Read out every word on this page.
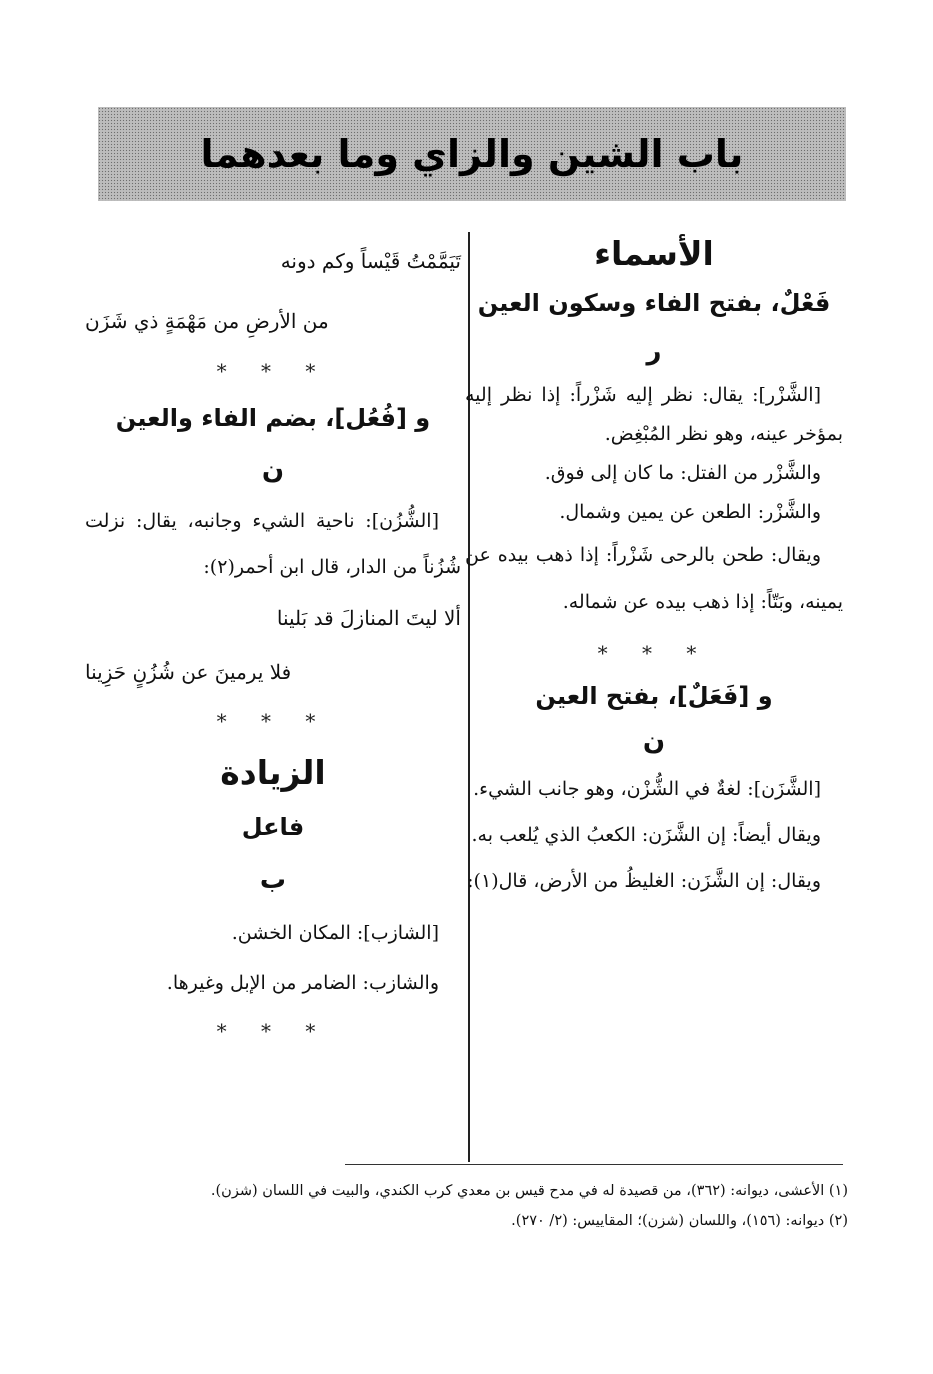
باب الشين والزاي وما بعدهما
الأسماء
فَعْلٌ، بفتح الفاء وسكون العين
ر

[الشَّزْر]: يقال: نظر إليه شَزْراً: إذا نظر إليه بمؤخر عينه، وهو نظر المُبْغِض.

والشَّزْر من الفتل: ما كان إلى فوق.

والشَّزْر: الطعن عن يمين وشمال.

ويقال: طحن بالرحى شَزْراً: إذا ذهب بيده عن يمينه، وبَتّاً: إذا ذهب بيده عن شماله.

* * *
و [فَعَلٌ]، بفتح العين
ن

[الشَّزَن]: لغةٌ في الشُّزْن، وهو جانب الشيء.

ويقال أيضاً: إن الشَّزَن: الكعبُ الذي يُلعب به.

ويقال: إن الشَّزَن: الغليظُ من الأرض، قال(١):

تَيَمَّمْتُ قَيْساً وكم دونه

من الأرضِ من مَهْمَةٍ ذي شَزَن

* * *
و [فُعُل]، بضم الفاء والعين
ن

[الشُّزُن]: ناحية الشيء وجانبه، يقال: نزلت شُزُناً من الدار، قال ابن أحمر(٢):

ألا ليتَ المنازلَ قد بَلينا

فلا يرمينَ عن شُزُنٍ حَزِينا

* * *
الزيادة
فاعل
ب

[الشازب]: المكان الخشن.

والشازب: الضامر من الإبل وغيرها.

* * *

(١) الأعشى، ديوانه: (٣٦٢)، من قصيدة له في مدح قيس بن معدي كرب الكندي، والبيت في اللسان (شزن).

(٢) ديوانه: (١٥٦)، واللسان (شزن)؛ المقاييس: (٢/ ٢٧٠).
